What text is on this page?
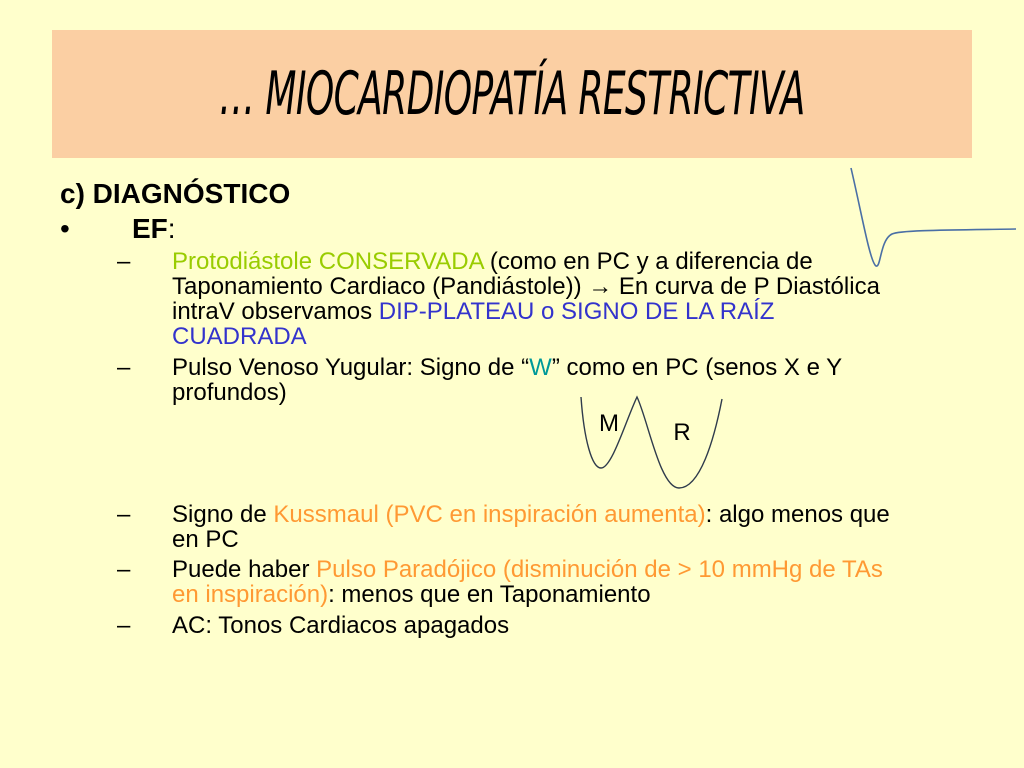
… MIOCARDIOPATÍA RESTRICTIVA
c) DIAGNÓSTICO
• EF:
– Protodiástole CONSERVADA (como en PC y a diferencia de
Taponamiento Cardiaco (Pandiástole)) → En curva de P Diastólica
intraV observamos DIP-PLATEAU o SIGNO DE LA RAÍZ
CUADRADA
– Pulso Venoso Yugular: Signo de “W” como en PC (senos X e Y
profundos)
– Signo de Kussmaul (PVC en inspiración aumenta): algo menos que
en PC
– Puede haber Pulso Paradójico (disminución de > 10 mmHg de TAs
en inspiración): menos que en Taponamiento
– AC: Tonos Cardiacos apagados
M R
